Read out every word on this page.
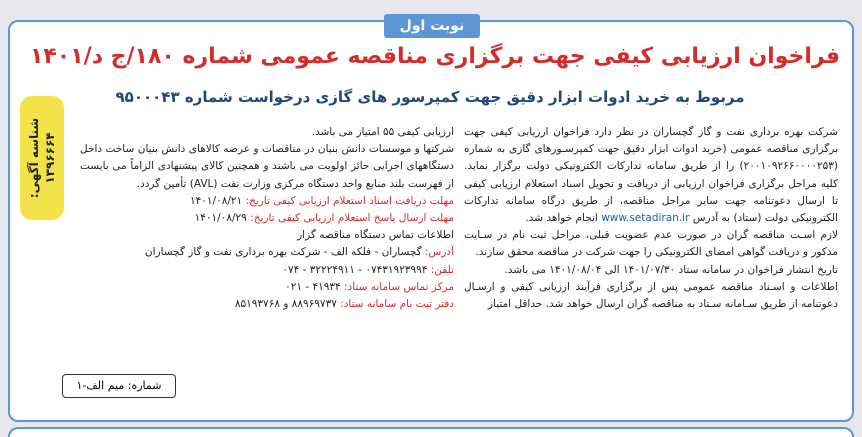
نوبت اول
فراخوان ارزیابی کیفی جهت برگزاری مناقصه عمومی شماره ۱۸۰/ج د/۱۴۰۱
مربوط به خرید ادوات ابزار دقیق جهت کمپرسور های گازی درخواست شماره ۹۵۰۰۰۴۳
شناسه آگهی: ۱۳۹۶۶۶۴

شرکت بهره برداری نفت و گاز گچساران در نظر دارد فراخوان ارزیابی کیفی جهت برگزاری مناقصه عمومی (خرید ادوات ابزار دقیق جهت کمپرسـورهای گازی به شماره (۲۰۰۱۰۹۲۶۶۰۰۰۰۲۵۳) را از طریق سامانه تدارکات الکترونیکی دولت برگزار نماید. کلیه مراحل برگزاری فراخوان ارزیابی از دریافت و تحویل اسناد استعلام ارزیابی کیفی تا ارسال دعوتنامه جهت سایر مراحل مناقصه، از طریق درگاه سامانه تدارکات الکترونیکی دولت (ستاد) به آدرس www.setadiran.ir انجام خواهد شد.

لازم اسـت مناقصه گران در صورت عدم عضویت قبلی، مراحل ثبت نام در سـایت مذکور و دریافت گواهی امضای الکترونیکی را جهت شرکت در مناقصه محقق سازند.

تاریخ انتشار فراخوان در سامانه ستاد ۱۴۰۱/۰۷/۳۰ الی ۱۴۰۱/۰۸/۰۴ می باشد.

اطلاعات و اسـناد مناقصه عمومی پس از برگزاری فرآیند ارزیابی کیفی و ارسـال دعوتنامه از طریق سـامانه سـتاد به مناقصه گران ارسال خواهد شد. حداقل امتیاز

ارزیابی کیفی ۵۵ امتیاز می باشد.

شرکتها و موسسات دانش بنیان در مناقصات و عرضه کالاهای دانش بنیان ساخت داخل دستگاههای اجرایی حائز اولویت می باشند و همچنین کالای پیشنهادی الزاماً می بایست از فهرست بلند منابع واحد دستگاه مرکزی وزارت نفت (AVL) تأمین گردد.

مهلت دریافت اسناد استعلام ارزیابی کیفی تاریخ: ۱۴۰۱/۰۸/۲۱

مهلت ارسال پاسخ استعلام ارزیابی کیفی تاریخ: ۱۴۰۱/۰۸/۲۹

اطلاعات تماس دستگاه مناقصه گزار

آدرس: گچساران - فلکه الف - شرکت بهره برداری نفت و گاز گچساران

تلفن: ۰۷۴۳۱۹۲۳۹۹۴ - ۳۲۲۲۴۹۱۱ - ۰۷۴

مرکز تماس سامانه ستاد: ۴۱۹۳۴ - ۰۲۱

دفتر ثبت نام سامانه ستاد: ۸۸۹۶۹۷۳۷ و ۸۵۱۹۳۷۶۸

شماره: میم الف-۱
